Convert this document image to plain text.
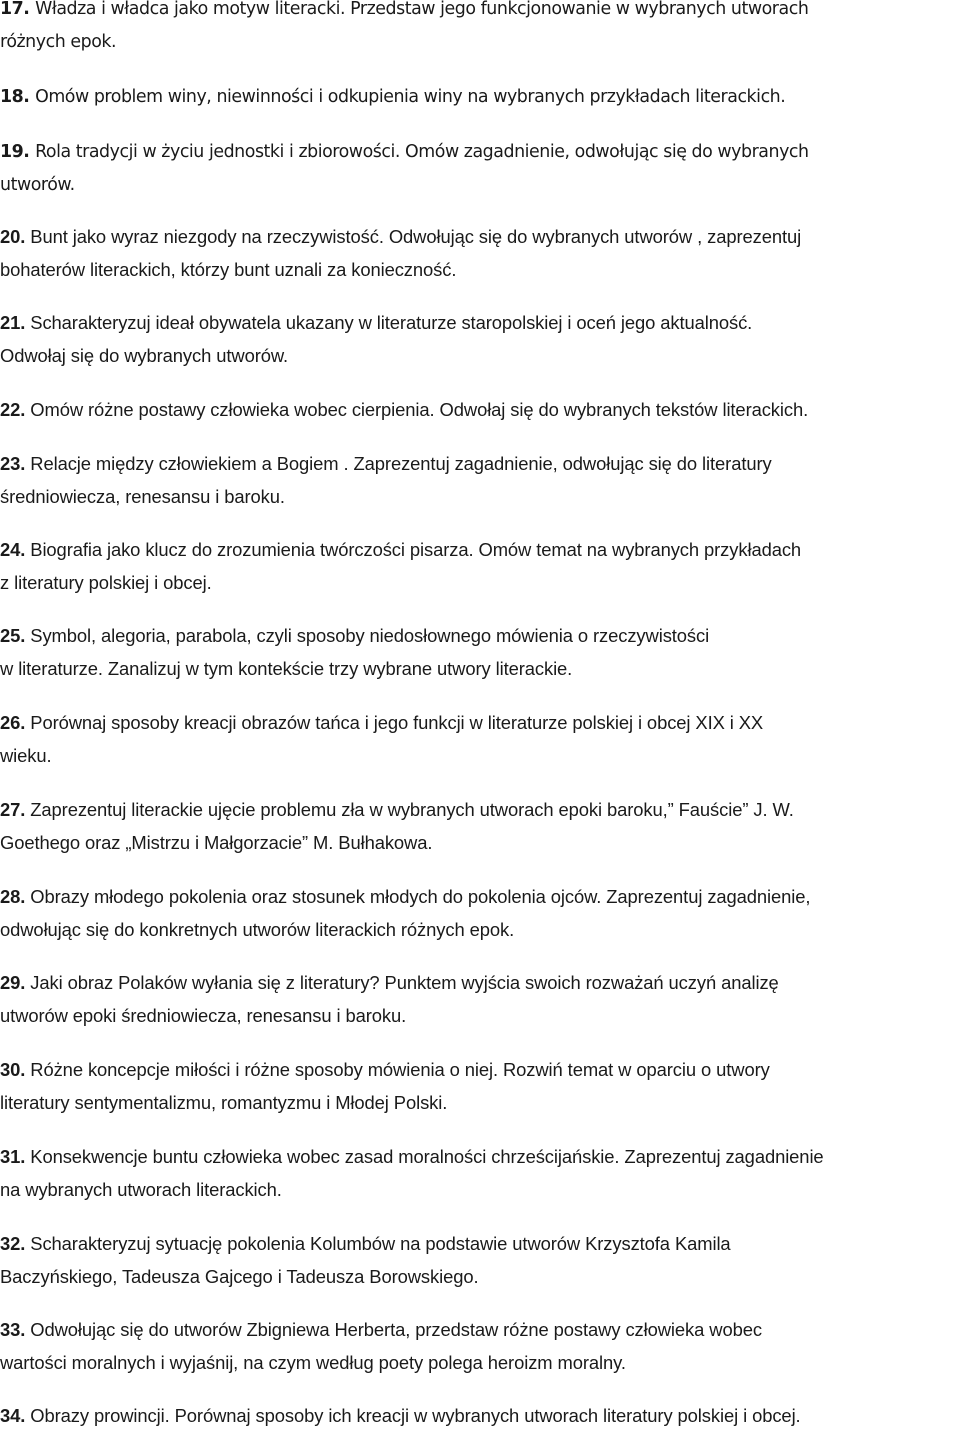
17. Władza i władca jako motyw literacki. Przedstaw jego funkcjonowanie w wybranych utworach
różnych epok.

18. Omów problem winy, niewinności i odkupienia winy na wybranych przykładach literackich.

19. Rola tradycji w życiu jednostki i zbiorowości. Omów zagadnienie, odwołując się do wybranych
utworów.

20. Bunt jako wyraz niezgody na rzeczywistość. Odwołując się do wybranych utworów , zaprezentuj
bohaterów literackich, którzy bunt uznali za konieczność.

21. Scharakteryzuj ideał obywatela ukazany w literaturze staropolskiej i oceń jego aktualność.
Odwołaj się do wybranych utworów.

22. Omów różne postawy człowieka wobec cierpienia. Odwołaj się do wybranych tekstów literackich.

23. Relacje między człowiekiem a Bogiem . Zaprezentuj zagadnienie, odwołując się do literatury
średniowiecza, renesansu i baroku.

24. Biografia jako klucz do zrozumienia twórczości pisarza. Omów temat na wybranych przykładach
z literatury polskiej i obcej.

25. Symbol, alegoria, parabola, czyli sposoby niedosłownego mówienia o rzeczywistości
w literaturze. Zanalizuj w tym kontekście trzy wybrane utwory literackie.

26. Porównaj sposoby kreacji obrazów tańca i jego funkcji w literaturze polskiej i obcej XIX i XX
wieku.

27. Zaprezentuj literackie ujęcie problemu zła w wybranych utworach epoki baroku,” Fauście” J. W.
Goethego oraz „Mistrzu i Małgorzacie” M. Bułhakowa.

28. Obrazy młodego pokolenia oraz stosunek młodych do pokolenia ojców. Zaprezentuj zagadnienie,
odwołując się do konkretnych utworów literackich różnych epok.

29. Jaki obraz Polaków wyłania się z literatury? Punktem wyjścia swoich rozważań uczyń analizę
utworów epoki średniowiecza, renesansu i baroku.

30. Różne koncepcje miłości i różne sposoby mówienia o niej. Rozwiń temat w oparciu o utwory
literatury sentymentalizmu, romantyzmu i Młodej Polski.

31. Konsekwencje buntu człowieka wobec zasad moralności chrześcijańskie. Zaprezentuj zagadnienie
na wybranych utworach literackich.

32. Scharakteryzuj sytuację pokolenia Kolumbów na podstawie utworów Krzysztofa Kamila
Baczyńskiego, Tadeusza Gajcego i Tadeusza Borowskiego.

33. Odwołując się do utworów Zbigniewa Herberta, przedstaw różne postawy człowieka wobec
wartości moralnych i wyjaśnij, na czym według poety polega heroizm moralny.

34. Obrazy prowincji. Porównaj sposoby ich kreacji w wybranych utworach literatury polskiej i obcej.
